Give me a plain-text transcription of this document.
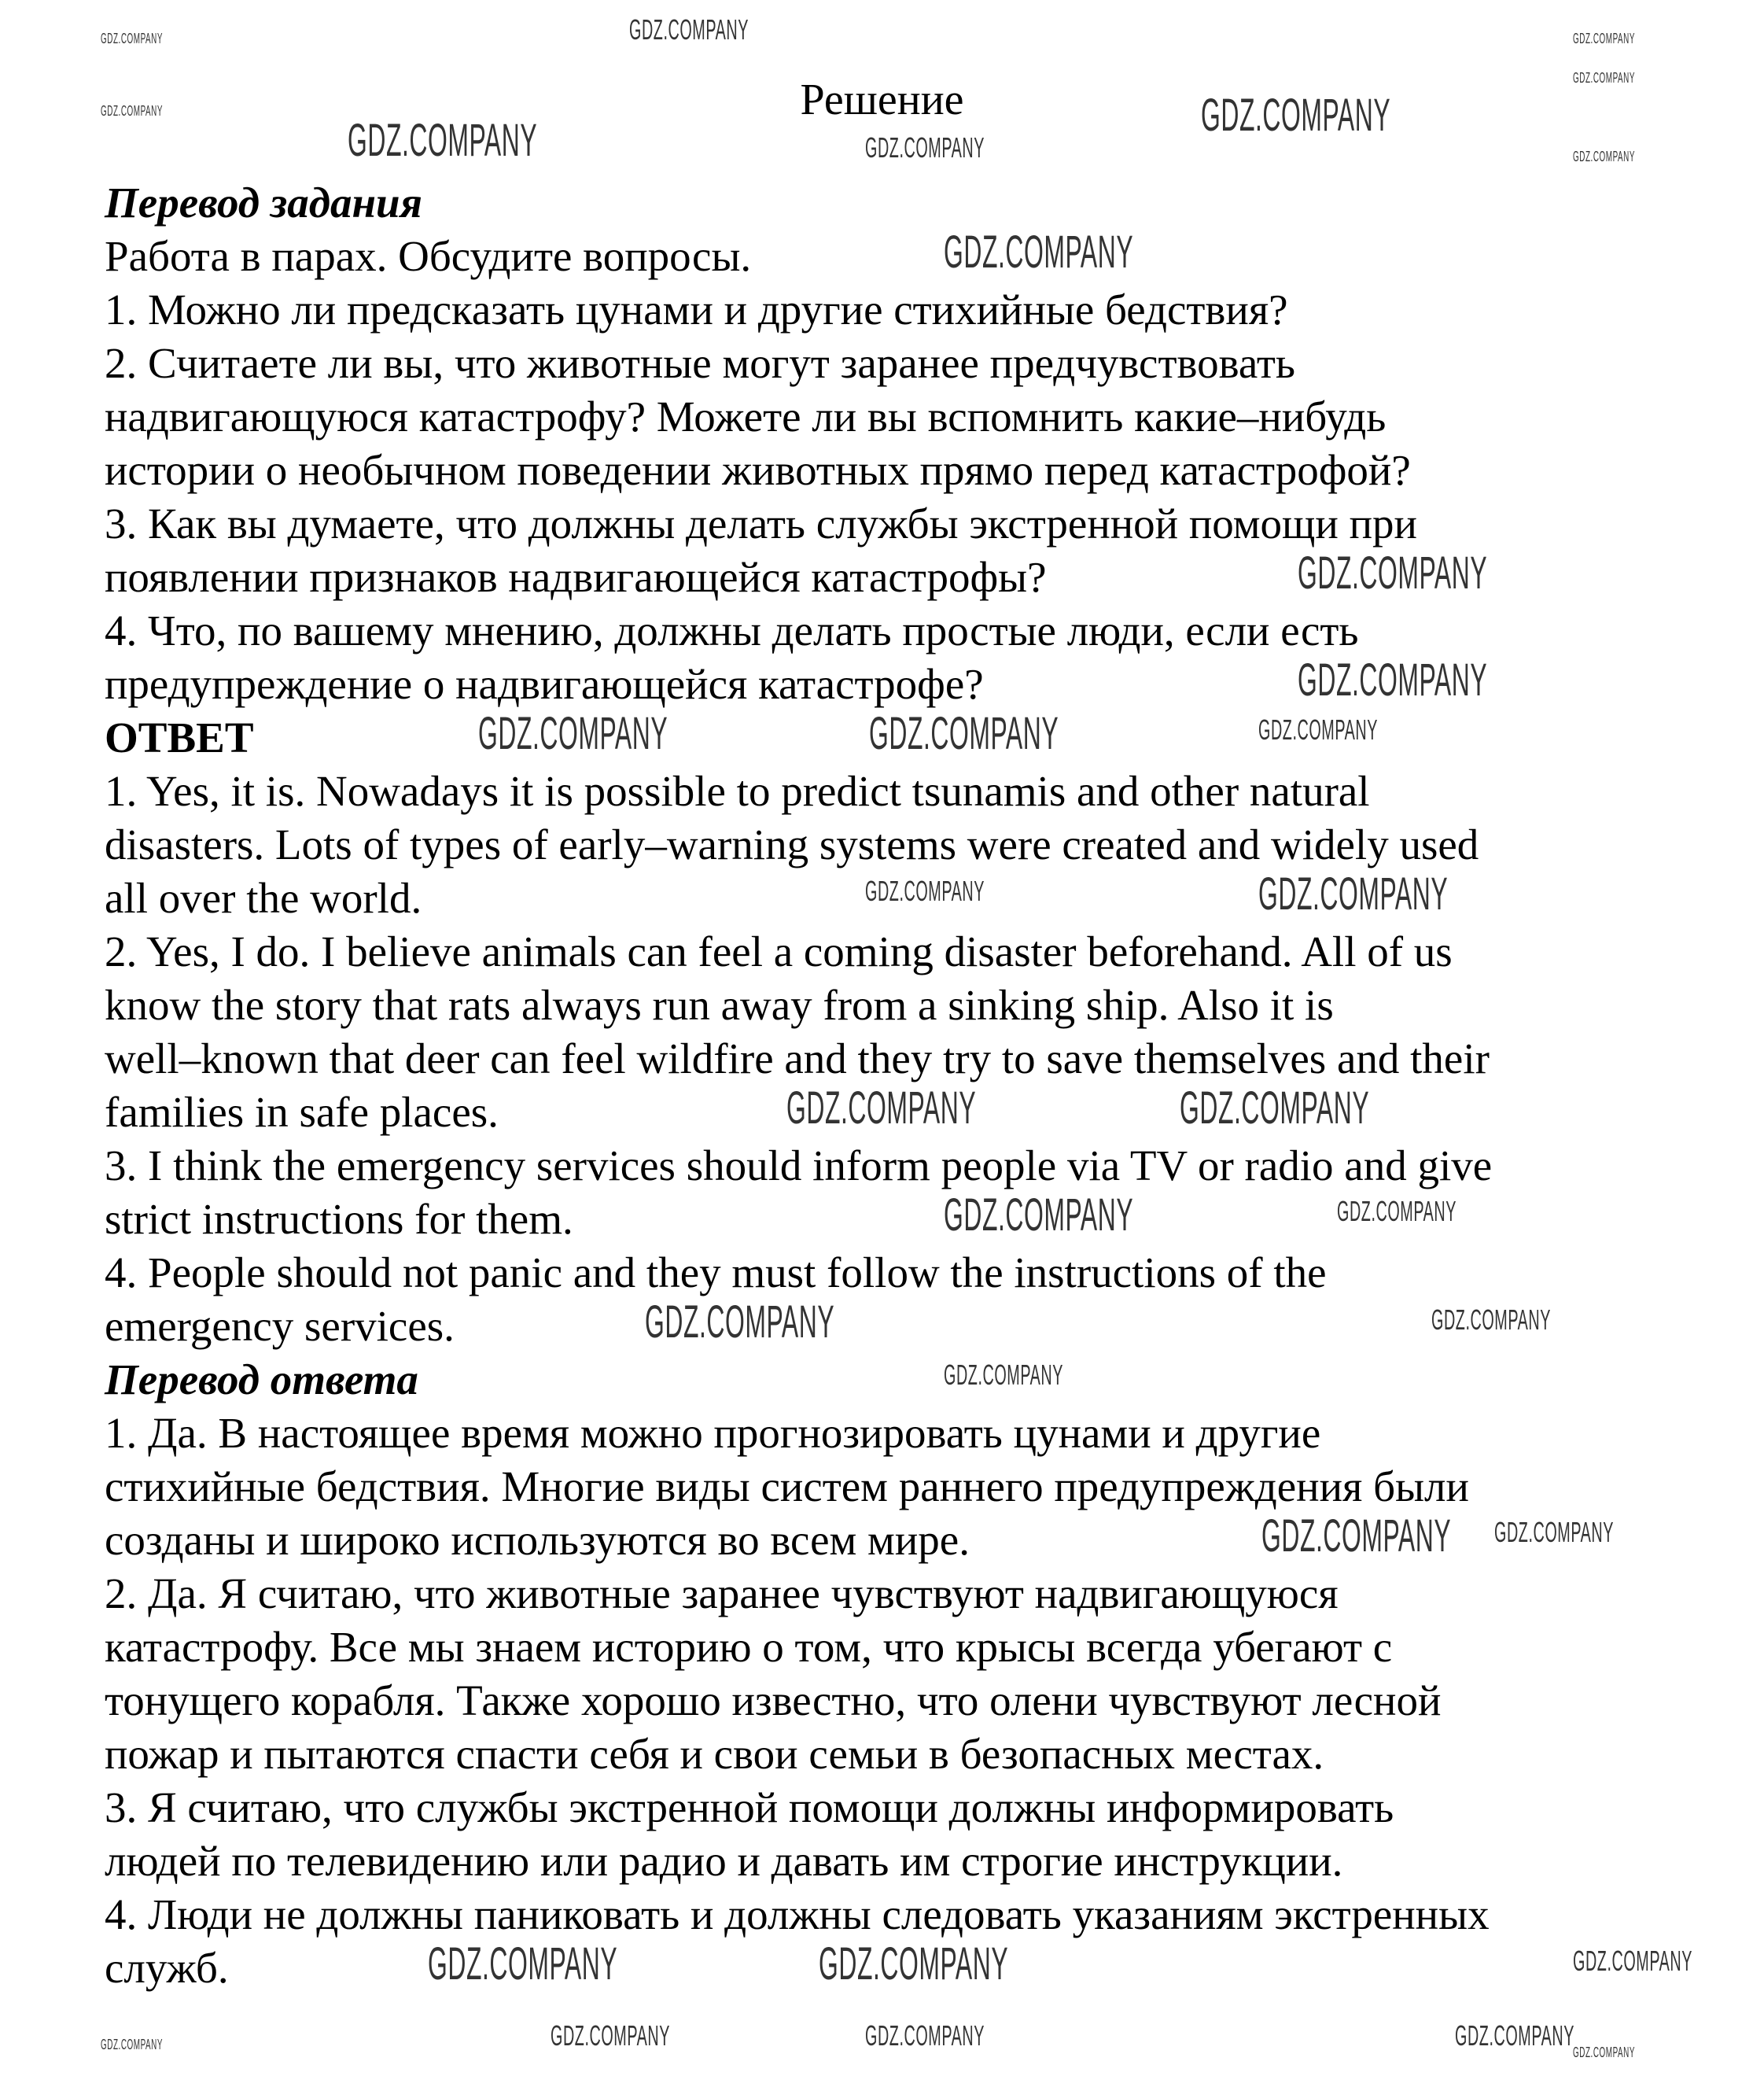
Решение
Перевод задания
Работа в парах. Обсудите вопросы.
1. Можно ли предсказать цунами и другие стихийные бедствия?
2. Считаете ли вы, что животные могут заранее предчувствовать
надвигающуюся катастрофу? Можете ли вы вспомнить какие–нибудь
истории о необычном поведении животных прямо перед катастрофой?
3. Как вы думаете, что должны делать службы экстренной помощи при
появлении признаков надвигающейся катастрофы?
4. Что, по вашему мнению, должны делать простые люди, если есть
предупреждение о надвигающейся катастрофе?
ОТВЕТ
1. Yes, it is. Nowadays it is possible to predict tsunamis and other natural
disasters. Lots of types of early–warning systems were created and widely used
all over the world.
2. Yes, I do. I believe animals can feel a coming disaster beforehand. All of us
know the story that rats always run away from a sinking ship. Also it is
well–known that deer can feel wildfire and they try to save themselves and their
families in safe places.
3. I think the emergency services should inform people via TV or radio and give
strict instructions for them.
4. People should not panic and they must follow the instructions of the
emergency services.
Перевод ответа
1. Да. В настоящее время можно прогнозировать цунами и другие
стихийные бедствия. Многие виды систем раннего предупреждения были
созданы и широко используются во всем мире.
2. Да. Я считаю, что животные заранее чувствуют надвигающуюся
катастрофу. Все мы знаем историю о том, что крысы всегда убегают с
тонущего корабля. Также хорошо известно, что олени чувствуют лесной
пожар и пытаются спасти себя и свои семьи в безопасных местах.
3. Я считаю, что службы экстренной помощи должны информировать
людей по телевидению или радио и давать им строгие инструкции.
4. Люди не должны паниковать и должны следовать указаниям экстренных
служб.
GDZ.COMPANY
GDZ.COMPANY
GDZ.COMPANY
GDZ.COMPANY
GDZ.COMPANY
GDZ.COMPANY	GDZ.COMPANY
GDZ.COMPANY
GDZ.COMPANY	GDZ.COMPANY
GDZ.COMPANY
GDZ.COMPANY
GDZ.COMPANY
GDZ.COMPANY	GDZ.COMPANY
GDZ.COMPANY
GDZ.COMPANY
GDZ.COMPANY
GDZ.COMPANY
GDZ.COMPANY
GDZ.COMPANY
GDZ.COMPANY
GDZ.COMPANY	GDZ.COMPANY	GDZ.COMPANY
GDZ.COMPANY
GDZ.COMPANY
GDZ.COMPANY
GDZ.COMPANY
GDZ.COMPANY
GDZ.COMPANY
GDZ.COMPANY
GDZ.COMPANY	GDZ.COMPANY
